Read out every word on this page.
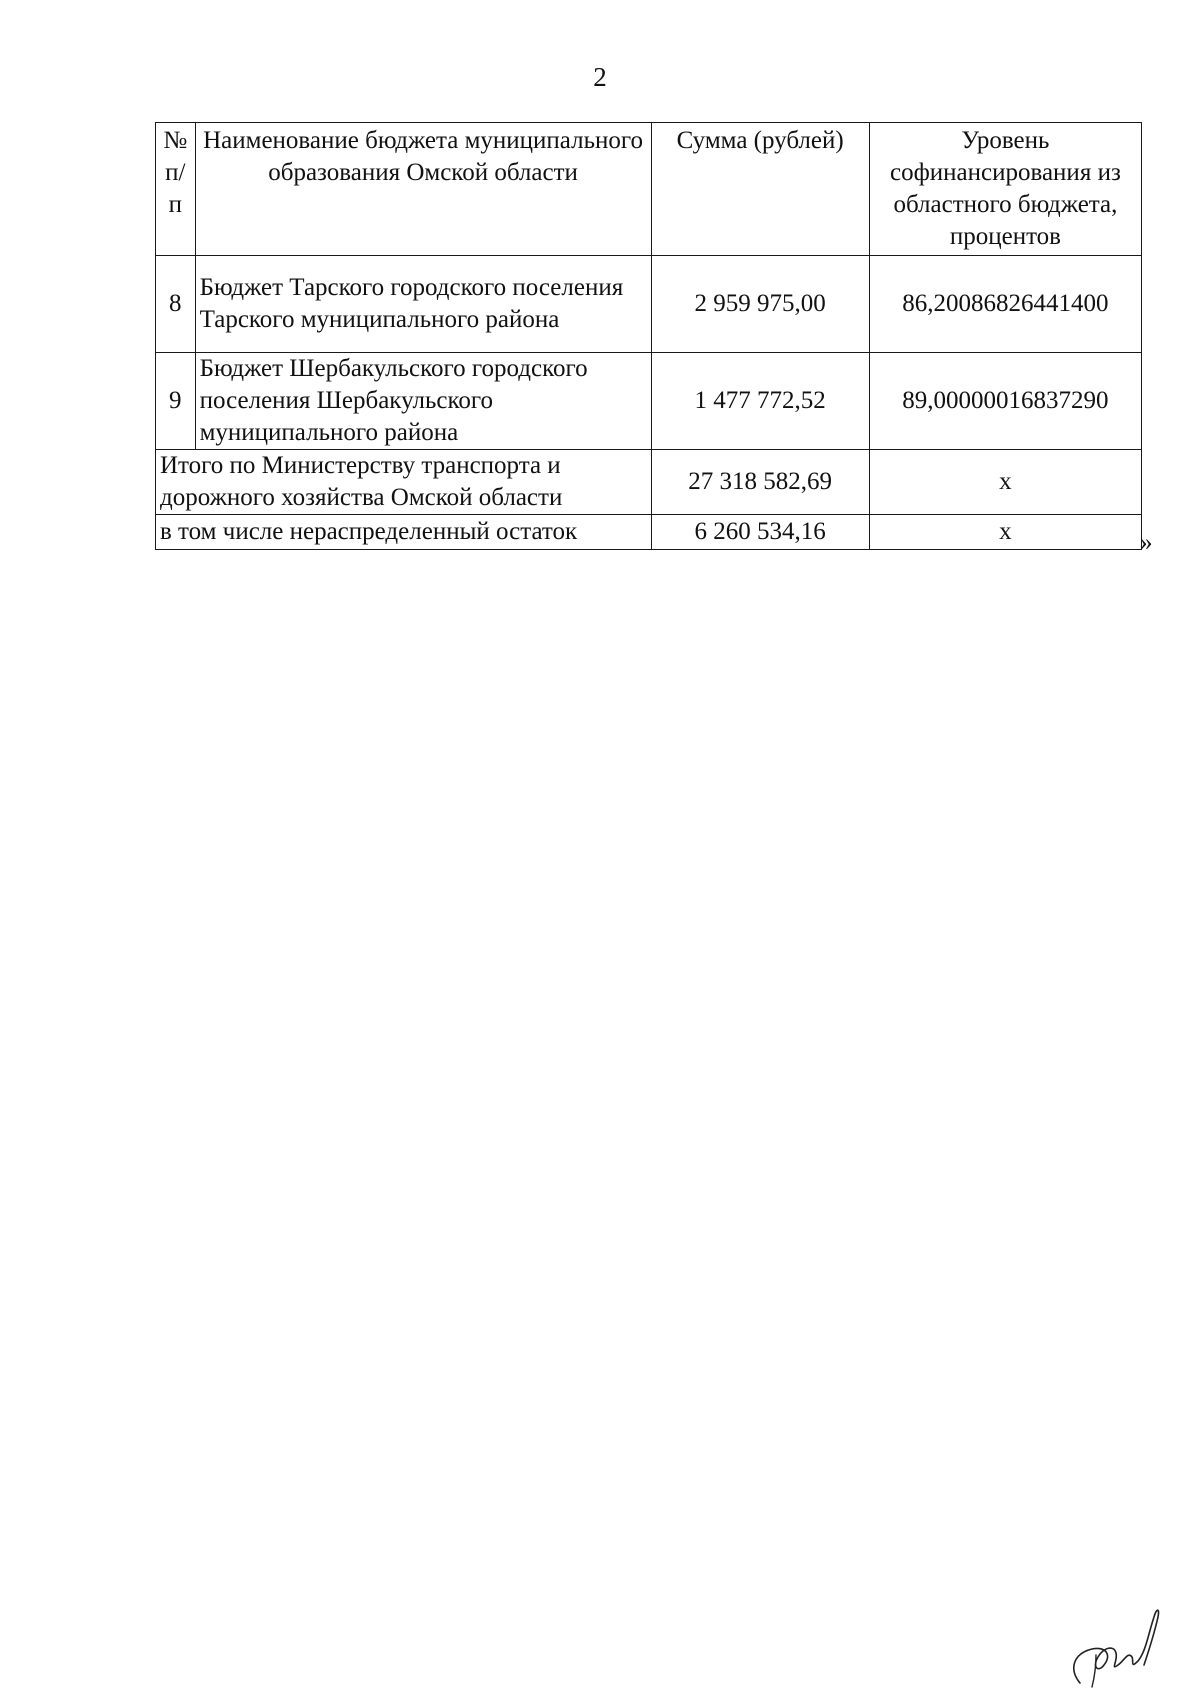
2
№ п/п	Наименование бюджета муниципального образования Омской области	Сумма (рублей)	Уровень софинансирования из областного бюджета, процентов
8	Бюджет Тарского городского поселения Тарского муниципального района	2 959 975,00	86,20086826441400
9	Бюджет Шербакульского городского поселения Шербакульского муниципального района	1 477 772,52	89,00000016837290
Итого по Министерству транспорта и дорожного хозяйства Омской области		27 318 582,69	х
в том числе нераспределенный остаток		6 260 534,16	х	»
